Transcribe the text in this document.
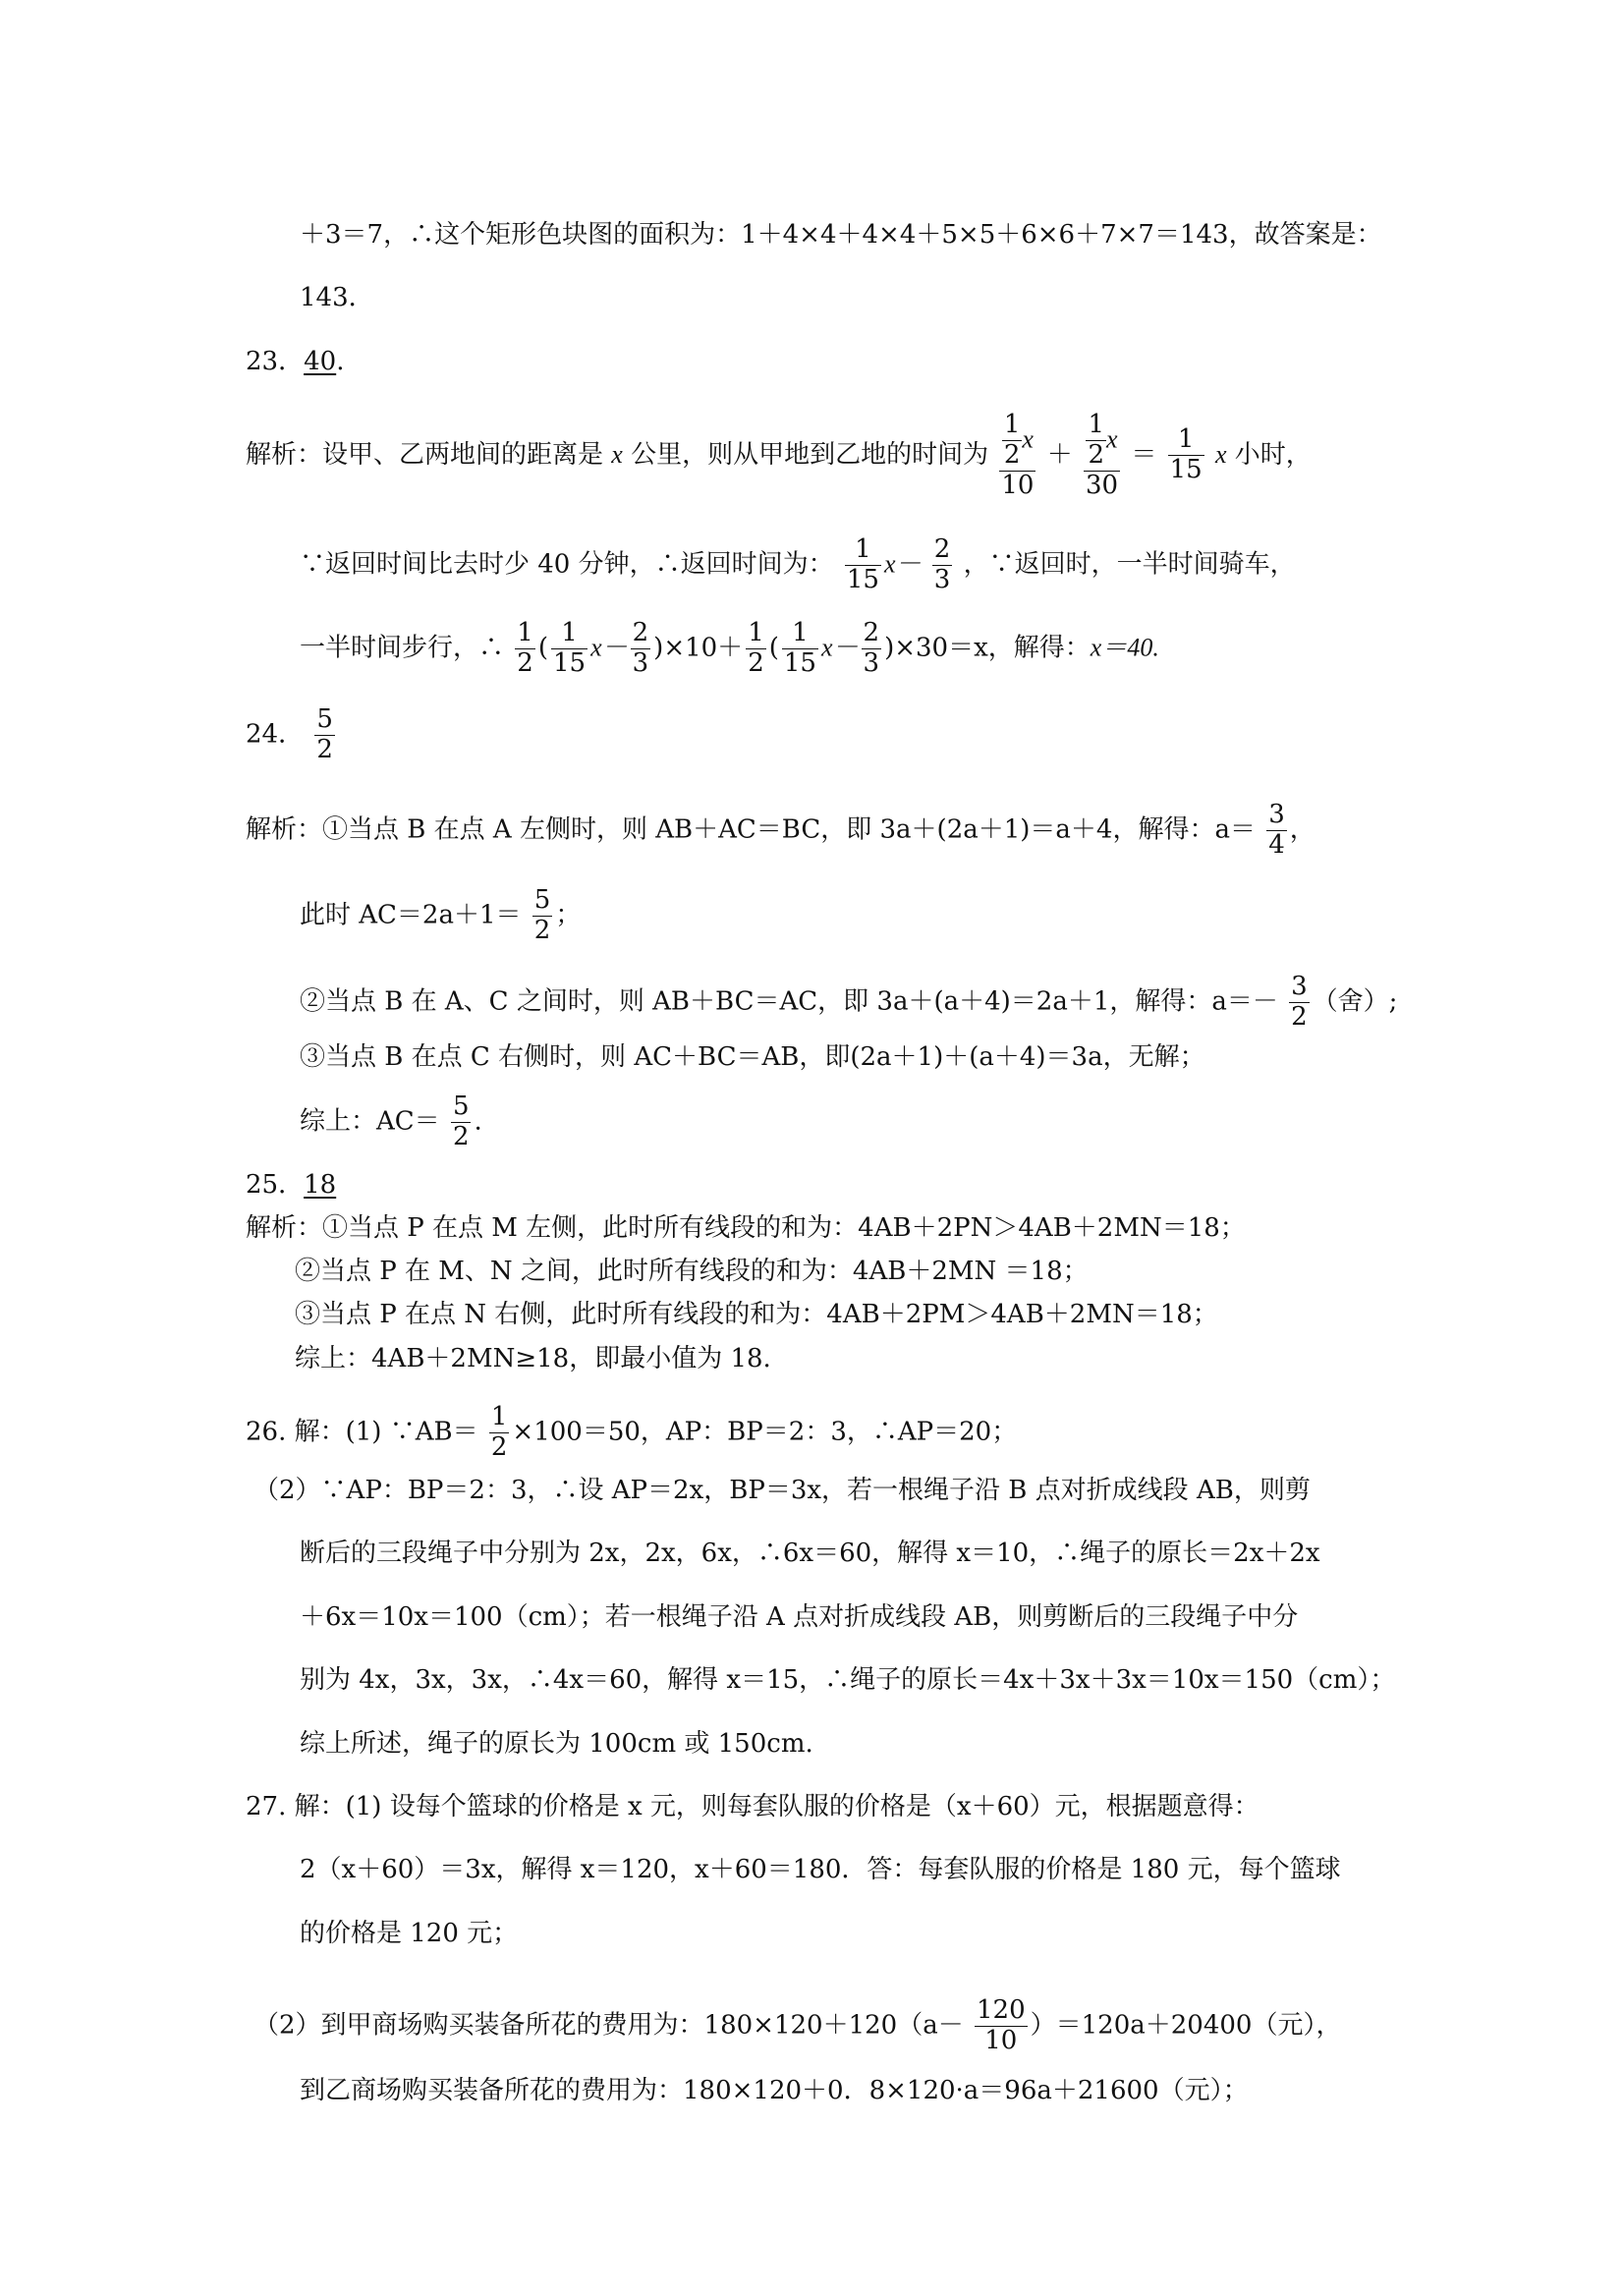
＋3＝7，∴这个矩形色块图的面积为：1＋4×4＋4×4＋5×5＋6×6＋7×7＝143，故答案是：
143．
23．40.
解析：设甲、乙两地间的距离是 x 公里，则从甲地到乙地的时间为 $\frac{\frac{1}{2} x}{10} + \frac{\frac{1}{2} x}{30} = \frac{1}{15}$ x 小时，
∵返回时间比去时少 40 分钟，∴返回时间为： $\frac{1}{15} x- \frac{2}{3}$ ，∵返回时，一半时间骑车，
一半时间步行，∴ $\frac{1}{2}$ ( $\frac{1}{15} x- \frac{2}{3} )\times 10+ \frac{1}{2}$ ( $\frac{1}{15} x- \frac{2}{3} )\times 30=x$，解得：x＝40.
24． $\frac{5}{2}$
解析：①当点 B 在点 A 左侧时，则 AB＋AC＝BC，即 3a＋(2a＋1)＝a＋4，解得：$a= \frac{3}{4}$ ，
此时 $AC=2a+1= \frac{5}{2}$ ；
②当点 B 在 A、C 之间时，则 AB＋BC＝AC，即 3a＋(a＋4)＝2a＋1，解得：$a=- \frac{3}{2}$ （舍）;
③当点 B 在点 C 右侧时，则 AC＋BC＝AB，即(2a＋1)＋(a＋4)＝3a，无解；
综上：$AC= \frac{5}{2}$ .
25．18
解析：①当点 P 在点 M 左侧，此时所有线段的和为：4AB＋2PN＞4AB＋2MN＝18；
②当点 P 在 M、N 之间，此时所有线段的和为：4AB＋2MN ＝18；
③当点 P 在点 N 右侧，此时所有线段的和为：4AB＋2PM＞4AB＋2MN＝18；
综上：4AB＋2MN≥18，即最小值为 18.
26. 解：(1) ∵AB＝ $\frac{1}{2} \times 100=50$，AP：BP＝2：3，∴AP＝20；
（2）∵AP：BP＝2：3，∴设 AP＝2x，BP＝3x，若一根绳子沿 B 点对折成线段 AB，则剪
断后的三段绳子中分别为 2x，2x，6x，∴6x＝60，解得 x＝10，∴绳子的原长＝2x＋2x
＋6x＝10x＝100（cm）；若一根绳子沿 A 点对折成线段 AB，则剪断后的三段绳子中分
别为 4x，3x，3x，∴4x＝60，解得 x＝15，∴绳子的原长＝4x＋3x＋3x＝10x＝150（cm）；
综上所述，绳子的原长为 100cm 或 150cm.
27. 解：(1) 设每个篮球的价格是 x 元，则每套队服的价格是（x＋60）元，根据题意得：
2（x＋60）＝3x，解得 x＝120，x＋60＝180．答：每套队服的价格是 180 元，每个篮球
的价格是 120 元；
（2）到甲商场购买装备所花的费用为：$180\times 120+120(a- \frac{120}{10} )=120a+20400$（元），
到乙商场购买装备所花的费用为：180×120＋0．8×120·a＝96a＋21600（元）；
